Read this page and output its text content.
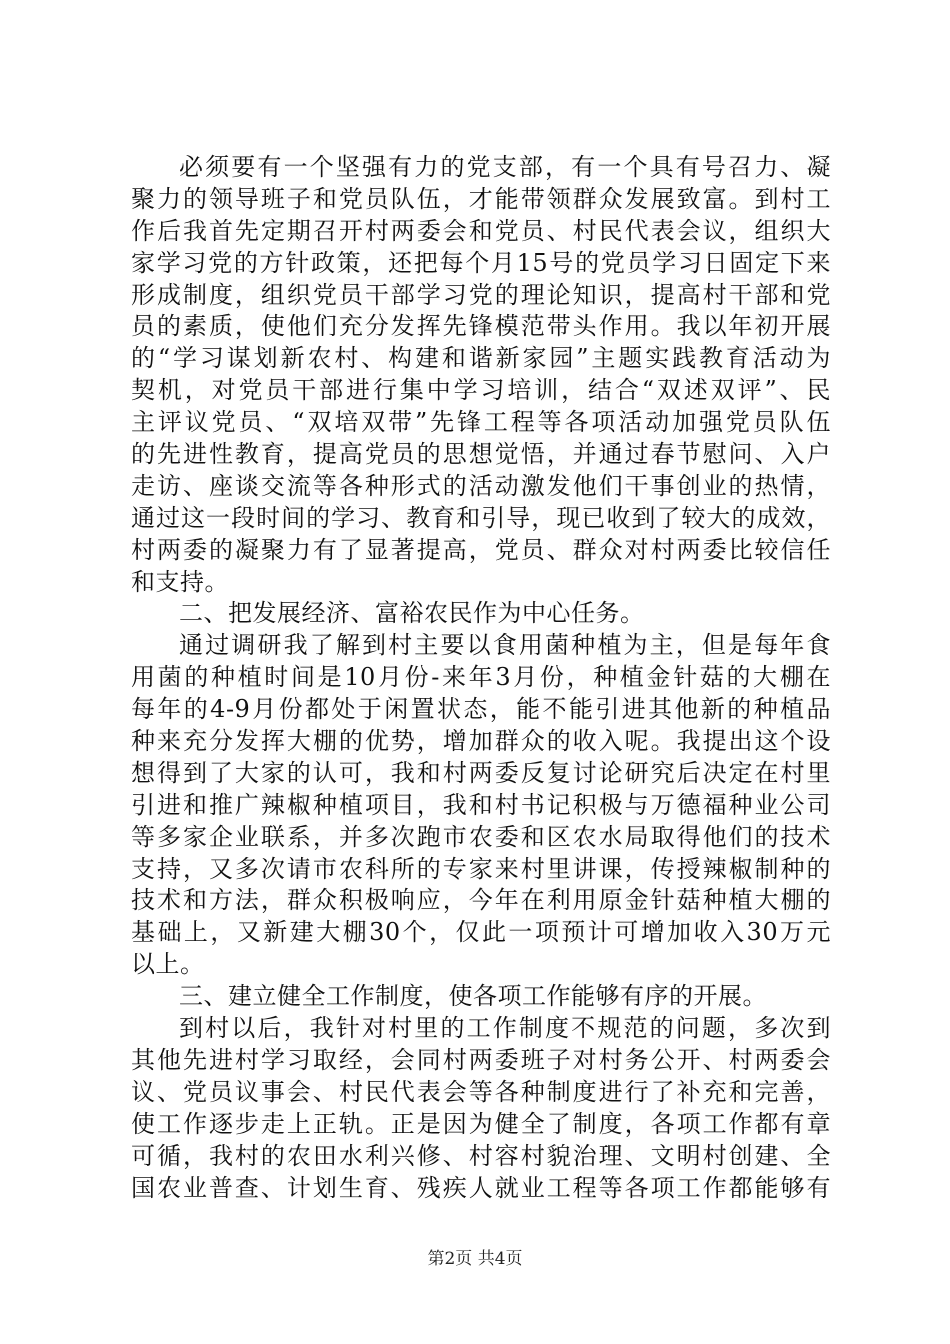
必须要有一个坚强有力的党支部，有一个具有号召力、凝
聚力的领导班子和党员队伍，才能带领群众发展致富。到村工
作后我首先定期召开村两委会和党员、村民代表会议，组织大
家学习党的方针政策，还把每个月15号的党员学习日固定下来
形成制度，组织党员干部学习党的理论知识，提高村干部和党
员的素质，使他们充分发挥先锋模范带头作用。我以年初开展
的“学习谋划新农村、构建和谐新家园”主题实践教育活动为
契机，对党员干部进行集中学习培训，结合“双述双评”、民
主评议党员、“双培双带”先锋工程等各项活动加强党员队伍
的先进性教育，提高党员的思想觉悟，并通过春节慰问、入户
走访、座谈交流等各种形式的活动激发他们干事创业的热情，
通过这一段时间的学习、教育和引导，现已收到了较大的成效，
村两委的凝聚力有了显著提高，党员、群众对村两委比较信任
和支持。
二、把发展经济、富裕农民作为中心任务。
通过调研我了解到村主要以食用菌种植为主，但是每年食
用菌的种植时间是10月份-来年3月份，种植金针菇的大棚在
每年的4-9月份都处于闲置状态，能不能引进其他新的种植品
种来充分发挥大棚的优势，增加群众的收入呢。我提出这个设
想得到了大家的认可，我和村两委反复讨论研究后决定在村里
引进和推广辣椒种植项目，我和村书记积极与万德福种业公司
等多家企业联系，并多次跑市农委和区农水局取得他们的技术
支持，又多次请市农科所的专家来村里讲课，传授辣椒制种的
技术和方法，群众积极响应，今年在利用原金针菇种植大棚的
基础上，又新建大棚30个，仅此一项预计可增加收入30万元
以上。
三、建立健全工作制度，使各项工作能够有序的开展。
到村以后，我针对村里的工作制度不规范的问题，多次到
其他先进村学习取经，会同村两委班子对村务公开、村两委会
议、党员议事会、村民代表会等各种制度进行了补充和完善，
使工作逐步走上正轨。正是因为健全了制度，各项工作都有章
可循，我村的农田水利兴修、村容村貌治理、文明村创建、全
国农业普查、计划生育、残疾人就业工程等各项工作都能够有
第2页 共4页
